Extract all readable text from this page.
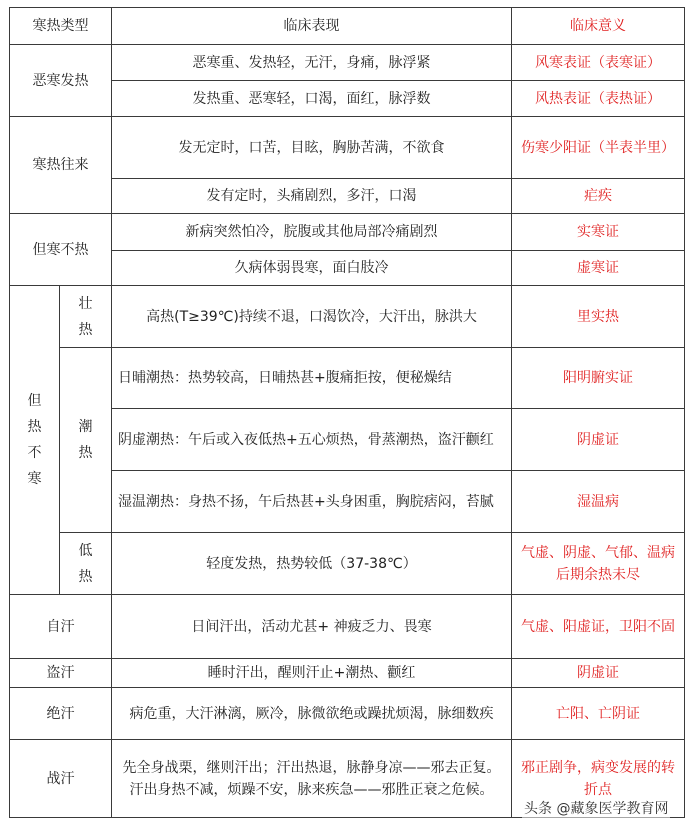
寒热类型		临床表现	临床意义
恶寒发热		恶寒重、发热轻，无汗，身痛，脉浮紧	风寒表证（表寒证）
		发热重、恶寒轻，口渴，面红，脉浮数	风热表证（表热证）
寒热往来		发无定时，口苦，目眩，胸胁苦满，不欲食	伤寒少阳证（半表半里）
		发有定时，头痛剧烈，多汗，口渴	疟疾
但寒不热		新病突然怕冷，脘腹或其他局部冷痛剧烈	实寒证
		久病体弱畏寒，面白肢冷	虚寒证

但热不寒	壮热	高热(T≥39℃)持续不退，口渴饮冷，大汗出，脉洪大	里实热

	潮热	日晡潮热：热势较高，日晡热甚+腹痛拒按，便秘燥结	阳明腑实证
		阴虚潮热：午后或入夜低热+五心烦热，骨蒸潮热，盗汗颧红	阴虚证
		湿温潮热：身热不扬，午后热甚+头身困重，胸脘痞闷，苔腻	湿温病

	低热	轻度发热，热势较低（37-38℃）	气虚、阴虚、气郁、温病后期余热未尽
自汗		日间汗出，活动尤甚+ 神疲乏力、畏寒	气虚、阳虚证，卫阳不固
盗汗		睡时汗出，醒则汗止+潮热、颧红	阴虚证
绝汗		病危重，大汗淋漓，厥冷，脉微欲绝或躁扰烦渴，脉细数疾	亡阳、亡阴证
战汗		先全身战栗，继则汗出；汗出热退，脉静身凉——邪去正复。汗出身热不减，烦躁不安，脉来疾急——邪胜正衰之危候。	邪正剧争，病变发展的转折点
头条 @藏象医学教育网
